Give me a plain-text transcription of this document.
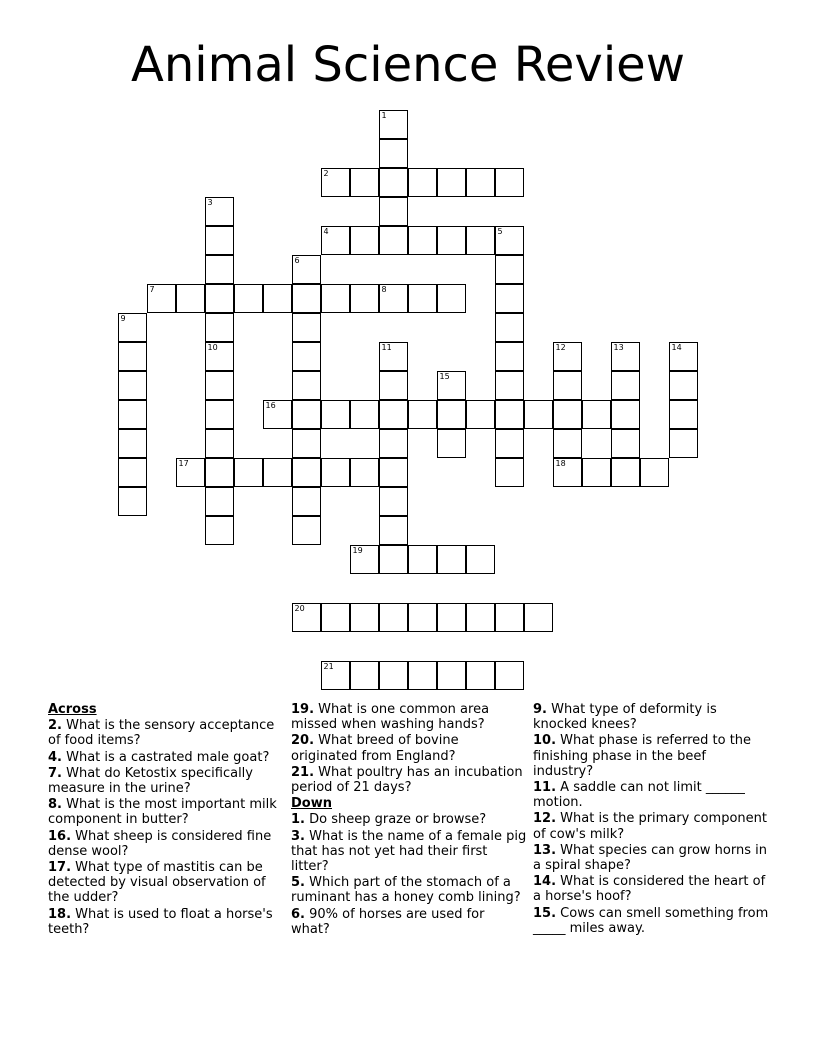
Animal Science Review
1
2
3
10
4	5
6
7	8
9
11	12
18
13	14
15
16
17
19
20
21
Across

2. What is the sensory acceptance of food items?

4. What is a castrated male goat?

7. What do Ketostix specifically measure in the urine?

8. What is the most important milk component in butter?

16. What sheep is considered fine dense wool?

17. What type of mastitis can be detected by visual observation of the udder?

18. What is used to float a horse's teeth?

19. What is one common area missed when washing hands?

20. What breed of bovine originated from England?

21. What poultry has an incubation period of 21 days?

Down

1. Do sheep graze or browse?

3. What is the name of a female pig that has not yet had their first litter?

5. Which part of the stomach of a ruminant has a honey comb lining?

6. 90% of horses are used for what?

9. What type of deformity is knocked knees?

10. What phase is referred to the finishing phase in the beef industry?

11. A saddle can not limit ______ motion.

12. What is the primary component of cow's milk?

13. What species can grow horns in a spiral shape?

14. What is considered the heart of a horse's hoof?

15. Cows can smell something from _____ miles away.
